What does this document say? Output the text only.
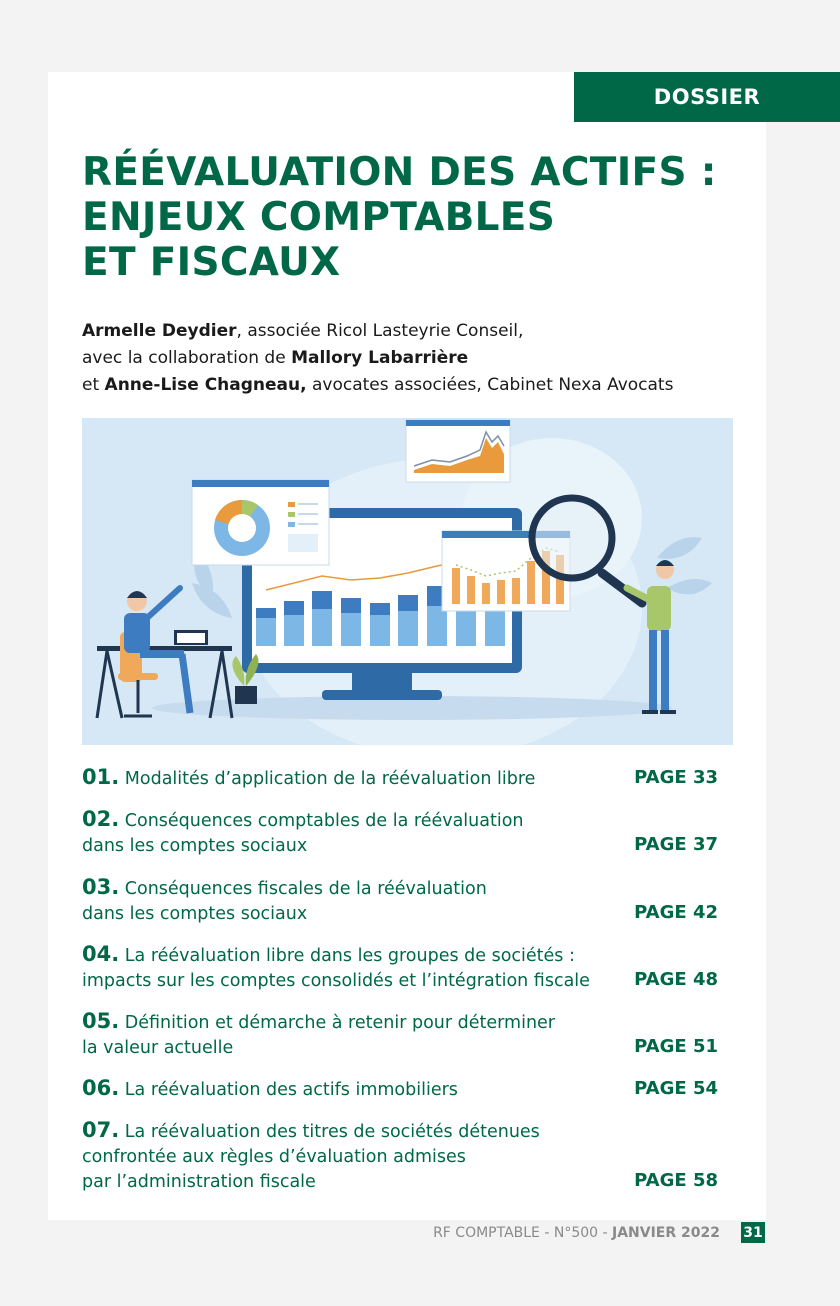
DOSSIER
RÉÉVALUATION DES ACTIFS :
ENJEUX COMPTABLES
ET FISCAUX
Armelle Deydier, associée Ricol Lasteyrie Conseil,
avec la collaboration de Mallory Labarrière
et Anne-Lise Chagneau, avocates associées, Cabinet Nexa Avocats
01. Modalités d’application de la réévaluation libre	PAGE 33
02. Conséquences comptables de la réévaluation
dans les comptes sociaux	PAGE 37
03. Conséquences fiscales de la réévaluation
dans les comptes sociaux	PAGE 42
04. La réévaluation libre dans les groupes de sociétés :
impacts sur les comptes consolidés et l’intégration fiscale	PAGE 48
05. Définition et démarche à retenir pour déterminer
la valeur actuelle	PAGE 51
06. La réévaluation des actifs immobiliers	PAGE 54
07. La réévaluation des titres de sociétés détenues
confrontée aux règles d’évaluation admises
par l’administration fiscale	PAGE 58
RF COMPTABLE - N°500 - JANVIER 2022 31
